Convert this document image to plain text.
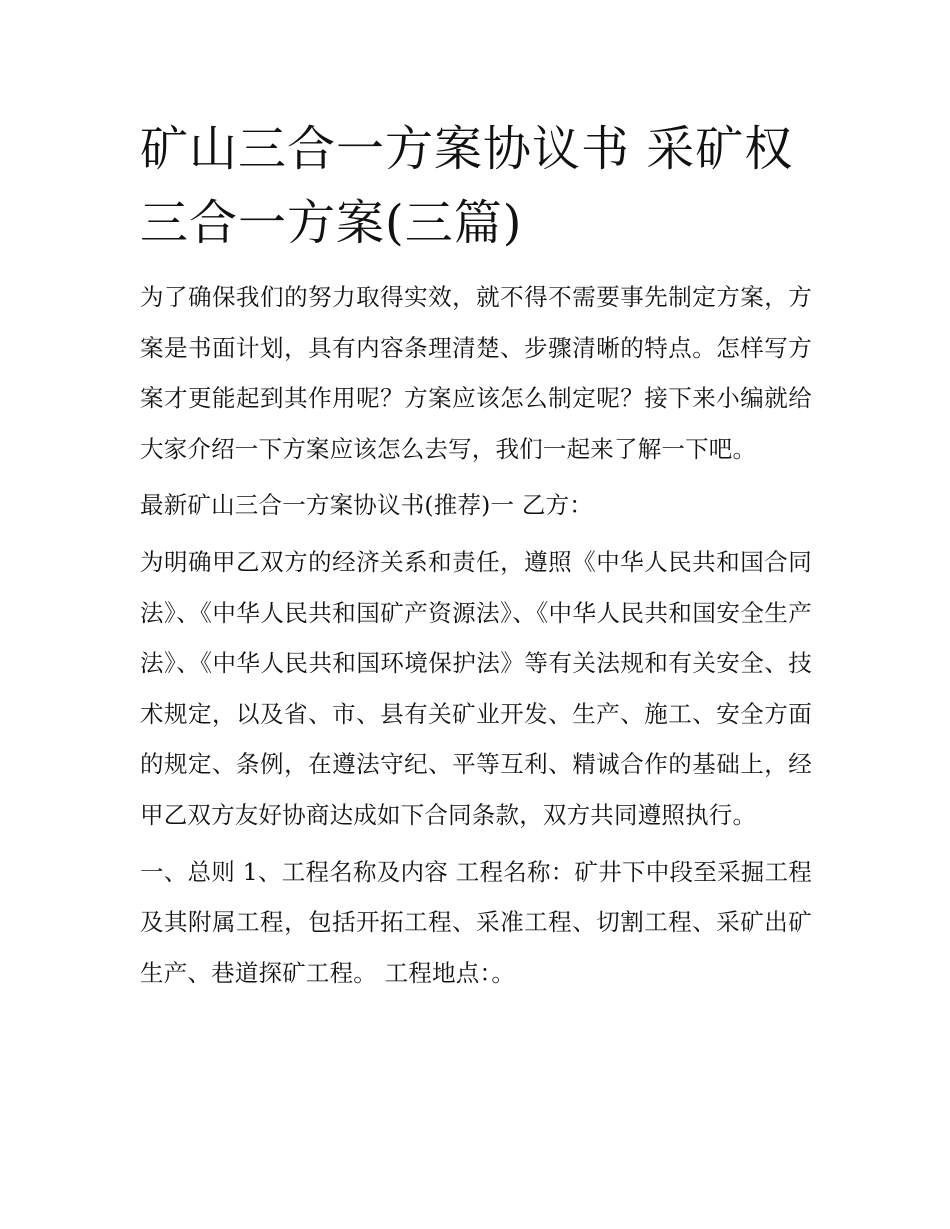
矿山三合一方案协议书 采矿权
三合一方案(三篇)

为了确保我们的努力取得实效，就不得不需要事先制定方案，方案是书面计划，具有内容条理清楚、步骤清晰的特点。怎样写方案才更能起到其作用呢？方案应该怎么制定呢？接下来小编就给大家介绍一下方案应该怎么去写，我们一起来了解一下吧。

最新矿山三合一方案协议书(推荐)一 乙方：

为明确甲乙双方的经济关系和责任，遵照《中华人民共和国合同法》、《中华人民共和国矿产资源法》、《中华人民共和国安全生产法》、《中华人民共和国环境保护法》等有关法规和有关安全、技术规定，以及省、市、县有关矿业开发、生产、施工、安全方面的规定、条例，在遵法守纪、平等互利、精诚合作的基础上，经甲乙双方友好协商达成如下合同条款，双方共同遵照执行。

一、总则 1、工程名称及内容 工程名称：矿井下中段至采掘工程及其附属工程，包括开拓工程、采准工程、切割工程、采矿出矿生产、巷道探矿工程。 工程地点：。
